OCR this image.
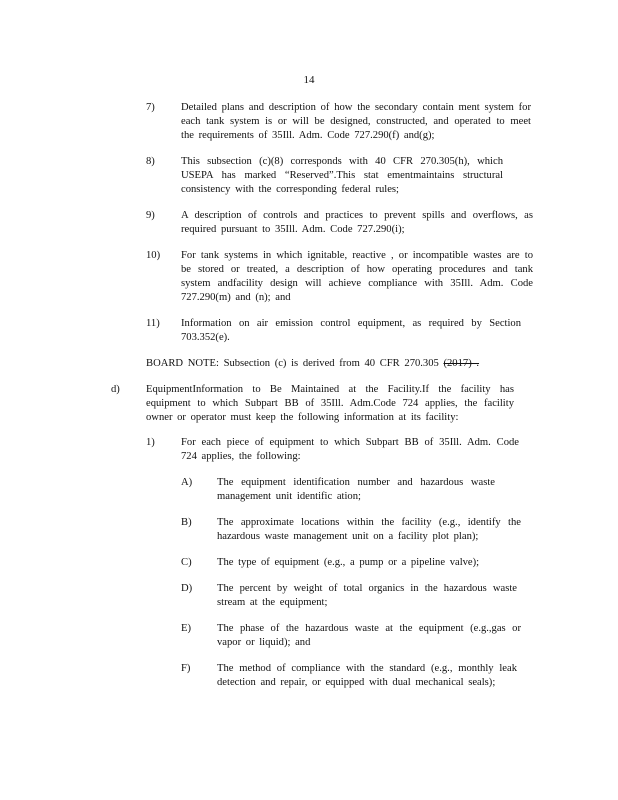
14
7) Detailed plans and description of how the secondary contain ment system for each tank system is or will be designed, constructed, and operated to meet the requirements of 35Ill. Adm. Code 727.290(f) and(g);
8) This subsection (c)(8) corresponds with 40 CFR 270.305(h), which USEPA has marked “Reserved”.This stat ementmaintains structural consistency with the corresponding federal rules;
9) A description of controls and practices to prevent spills and overflows, as required pursuant to 35Ill. Adm. Code 727.290(i);
10) For tank systems in which ignitable, reactive , or incompatible wastes are to be stored or treated, a description of how operating procedures and tank system andfacility design will achieve compliance with 35Ill. Adm. Code 727.290(m) and (n); and
11) Information on air emission control equipment, as required by Section 703.352(e).
BOARD NOTE: Subsection (c) is derived from 40 CFR 270.305 (2017) .
d) EquipmentInformation to Be Maintained at the Facility.If the facility has equipment to which Subpart BB of 35Ill. Adm.Code 724 applies, the facility owner or operator must keep the following information at its facility:
1) For each piece of equipment to which Subpart BB of 35Ill. Adm. Code 724 applies, the following:
A) The equipment identification number and hazardous waste management unit identific ation;
B) The approximate locations within the facility (e.g., identify the hazardous waste management unit on a facility plot plan);
C) The type of equipment (e.g., a pump or a pipeline valve);
D) The percent by weight of total organics in the hazardous waste stream at the equipment;
E) The phase of the hazardous waste at the equipment (e.g.,gas or vapor or liquid); and
F)	The method of compliance with the standard (e.g., monthly leak detection and repair, or equipped with dual mechanical seals);
